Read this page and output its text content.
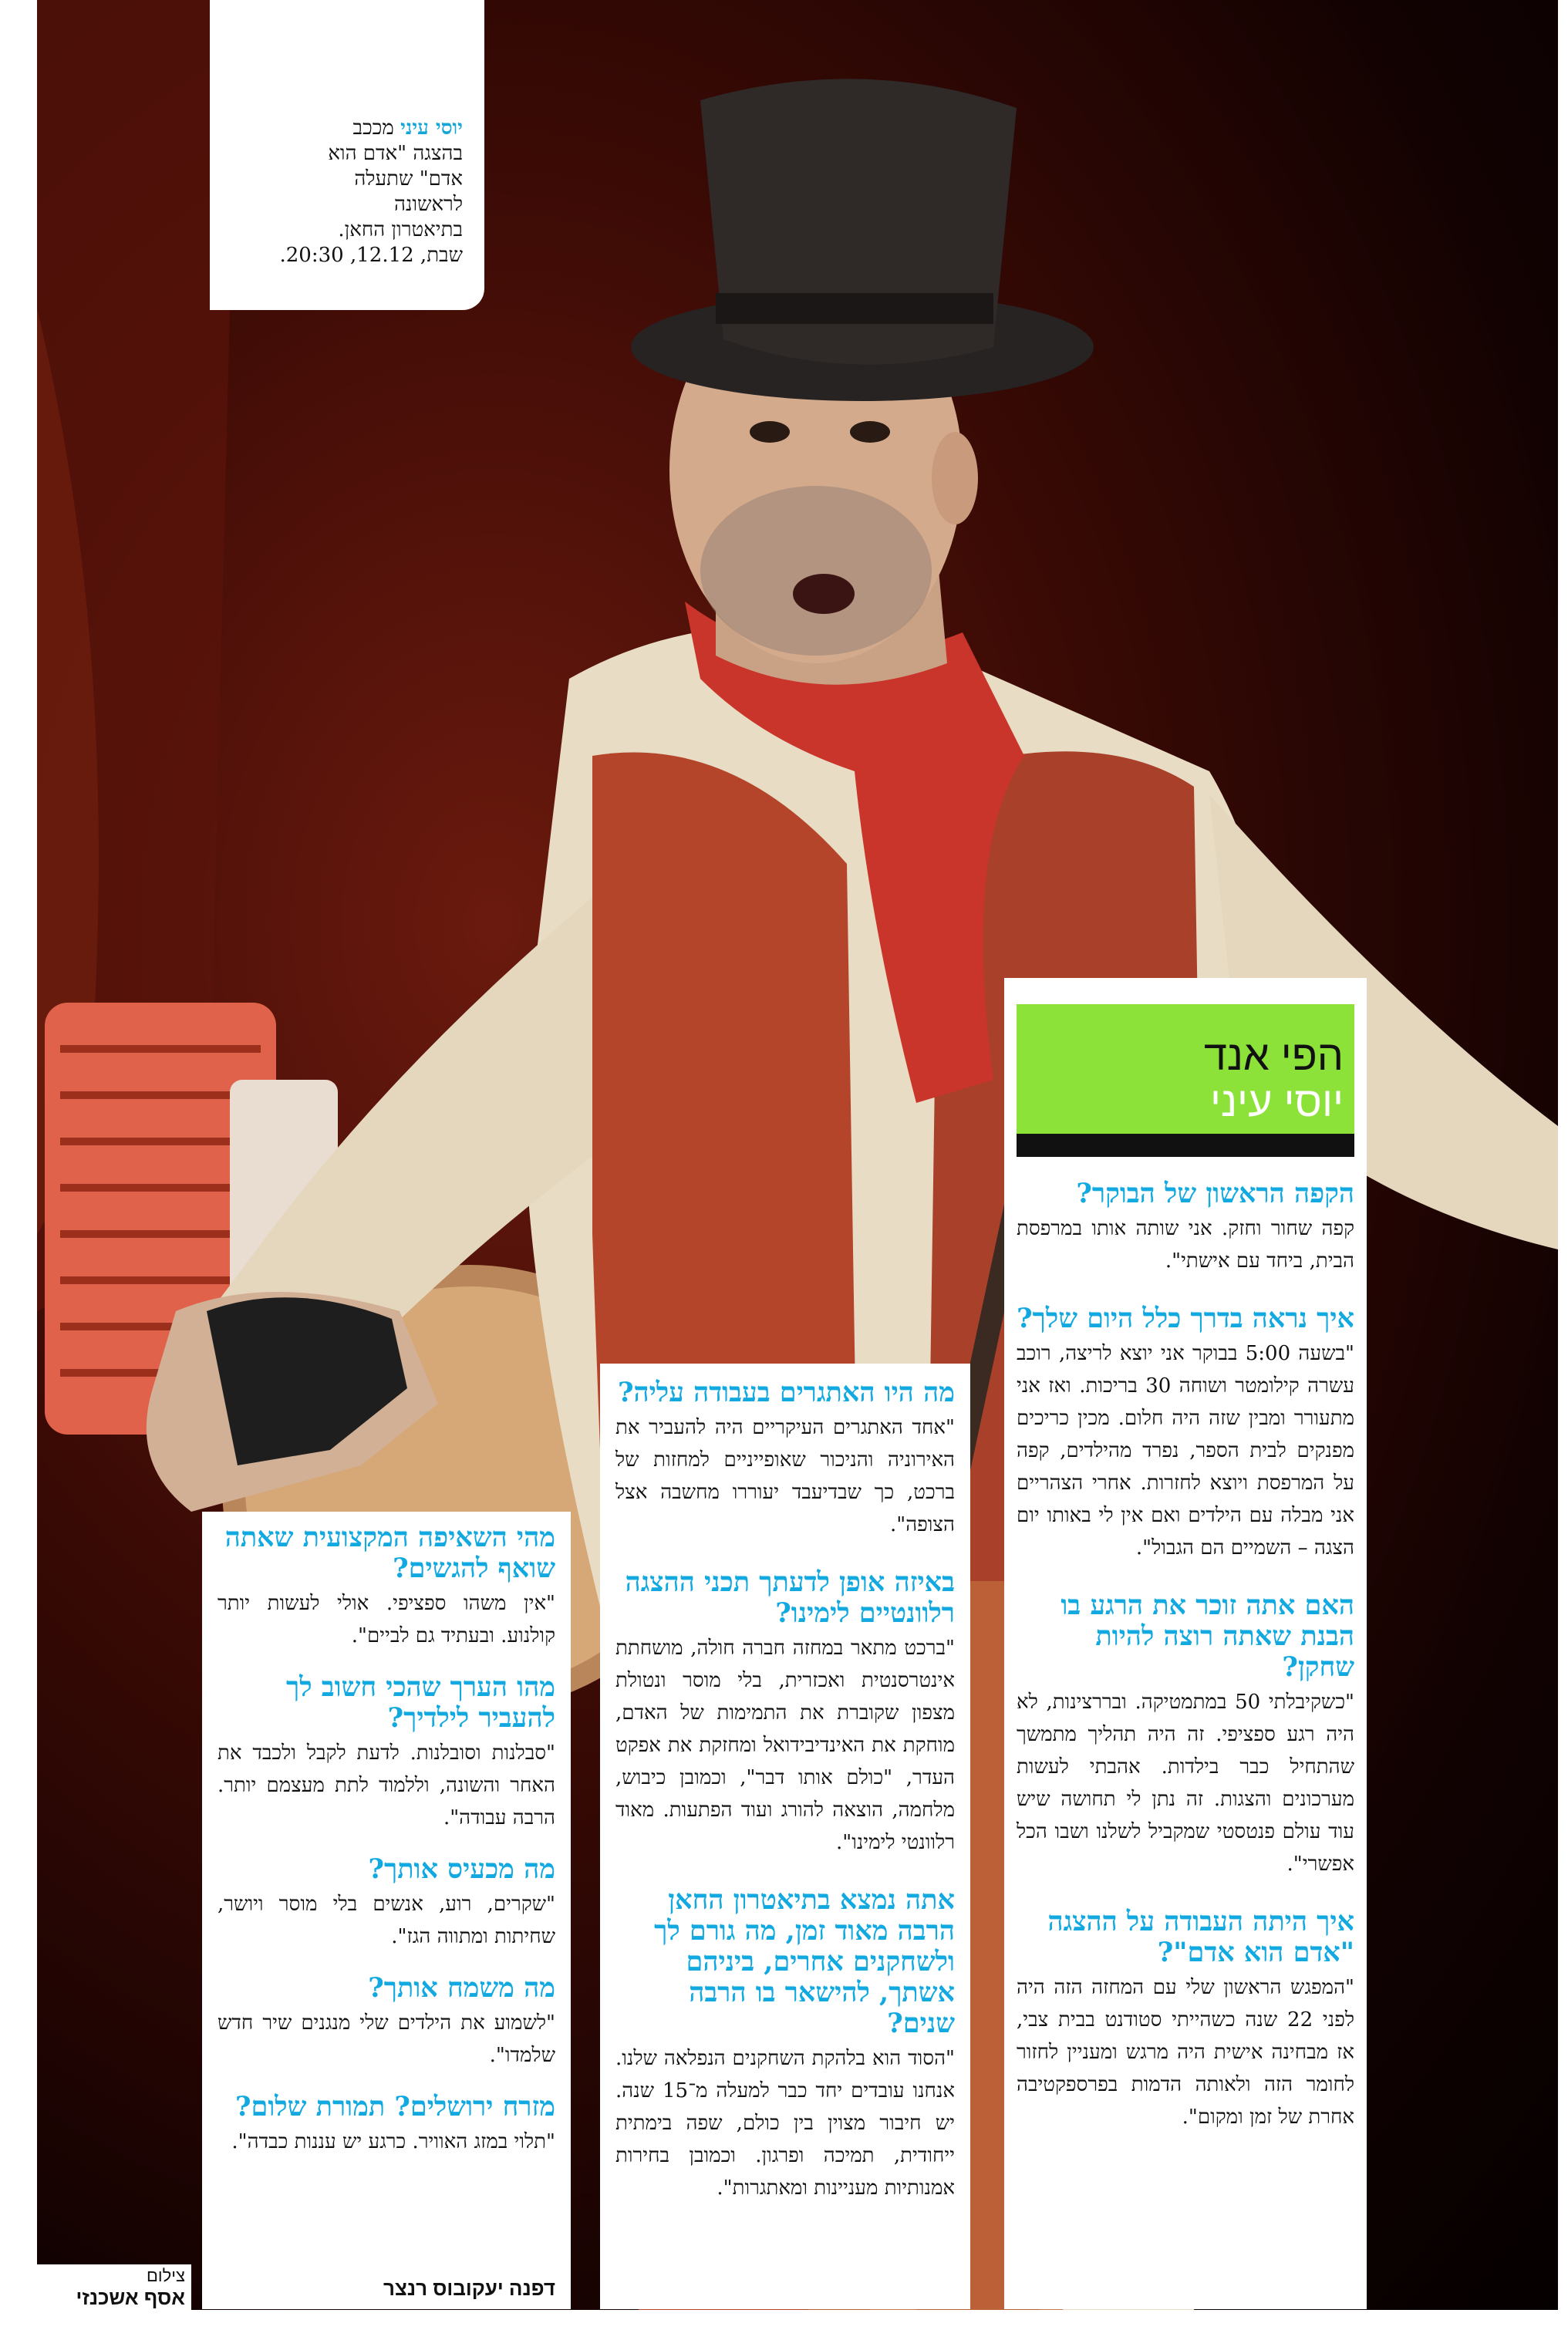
יוסי עיני מככב
בהצגה "אדם הוא
אדם" שתעלה
לראשונה
בתיאטרון החאן.
שבת, 12.12, 20:30.
הפי אנד
יוסי עיני

הקפה הראשון של הבוקר?

קפה שחור וחזק. אני שותה אותו במרפסת הבית, ביחד עם אישתי".

איך נראה בדרך כלל היום שלך?

"בשעה 5:00 בבוקר אני יוצא לריצה, רוכב עשרה קילומטר ושוחה 30 בריכות. ואז אני מתעורר ומבין שזה היה חלום. מכין כריכים מפנקים לבית הספר, נפרד מהילדים, קפה על המרפסת ויוצא לחזרות. אחרי הצהריים אני מבלה עם הילדים ואם אין לי באותו יום הצגה – השמיים הם הגבול".

האם אתה זוכר את הרגע בו הבנת שאתה רוצה להיות שחקן?

"כשקיבלתי 50 במתמטיקה. ובררצינות, לא היה רגע ספציפי. זה היה תהליך מתמשך שהתחיל כבר בילדות. אהבתי לעשות מערכונים והצגות. זה נתן לי תחושה שיש עוד עולם פנטסטי שמקביל לשלנו ושבו הכל אפשרי".

איך היתה העבודה על ההצגה "אדם הוא אדם"?

"המפגש הראשון שלי עם המחזה הזה היה לפני 22 שנה כשהייתי סטודנט בבית צבי, אז מבחינה אישית היה מרגש ומעניין לחזור לחומר הזה ולאותה הדמות בפרספקטיבה אחרת של זמן ומקום".

מה היו האתגרים בעבודה עליה?

"אחד האתגרים העיקריים היה להעביר את האירוניה והניכור שאופייניים למחזות של ברכט, כך שבדיעבד יעוררו מחשבה אצל הצופה".

באיזה אופן לדעתך תכני ההצגה רלוונטיים לימינו?

"ברכט מתאר במחזה חברה חולה, מושחתת אינטרסנטית ואכזרית, בלי מוסר ונטולת מצפון שקוברת את התמימות של האדם, מוחקת את האינדיבידואל ומחזקת את אפקט העדר, "כולם אותו דבר", וכמובן כיבוש, מלחמה, הוצאה להורג ועוד הפתעות. מאוד רלוונטי לימינו".

אתה נמצא בתיאטרון החאן הרבה מאוד זמן, מה גורם לך ולשחקנים אחרים, ביניהם אשתך, להישאר בו הרבה שנים?

"הסוד הוא בלהקת השחקנים הנפלאה שלנו. אנחנו עובדים יחד כבר למעלה מ־15 שנה. יש חיבור מצוין בין כולם, שפה בימתית ייחודית, תמיכה ופרגון. וכמובן בחירות אמנותיות מעניינות ומאתגרות".

מהי השאיפה המקצועית שאתה שואף להגשים?

"אין משהו ספציפי. אולי לעשות יותר קולנוע. ובעתיד גם לביים".

מהו הערך שהכי חשוב לך להעביר לילדיך?

"סבלנות וסובלנות. לדעת לקבל ולכבד את האחר והשונה, וללמוד לתת מעצמם יותר. הרבה עבודה".

מה מכעיס אותך?

"שקרים, רוע, אנשים בלי מוסר ויושר, שחיתות ומתווה הגז".

מה משמח אותך?

"לשמוע את הילדים שלי מנגנים שיר חדש שלמדו".

מזרח ירושלים? תמורת שלום?

"תלוי במזג האוויר. כרגע יש עננות כבדה".

דפנה יעקובוס רנצר
צילום
אסף אשכנזי
